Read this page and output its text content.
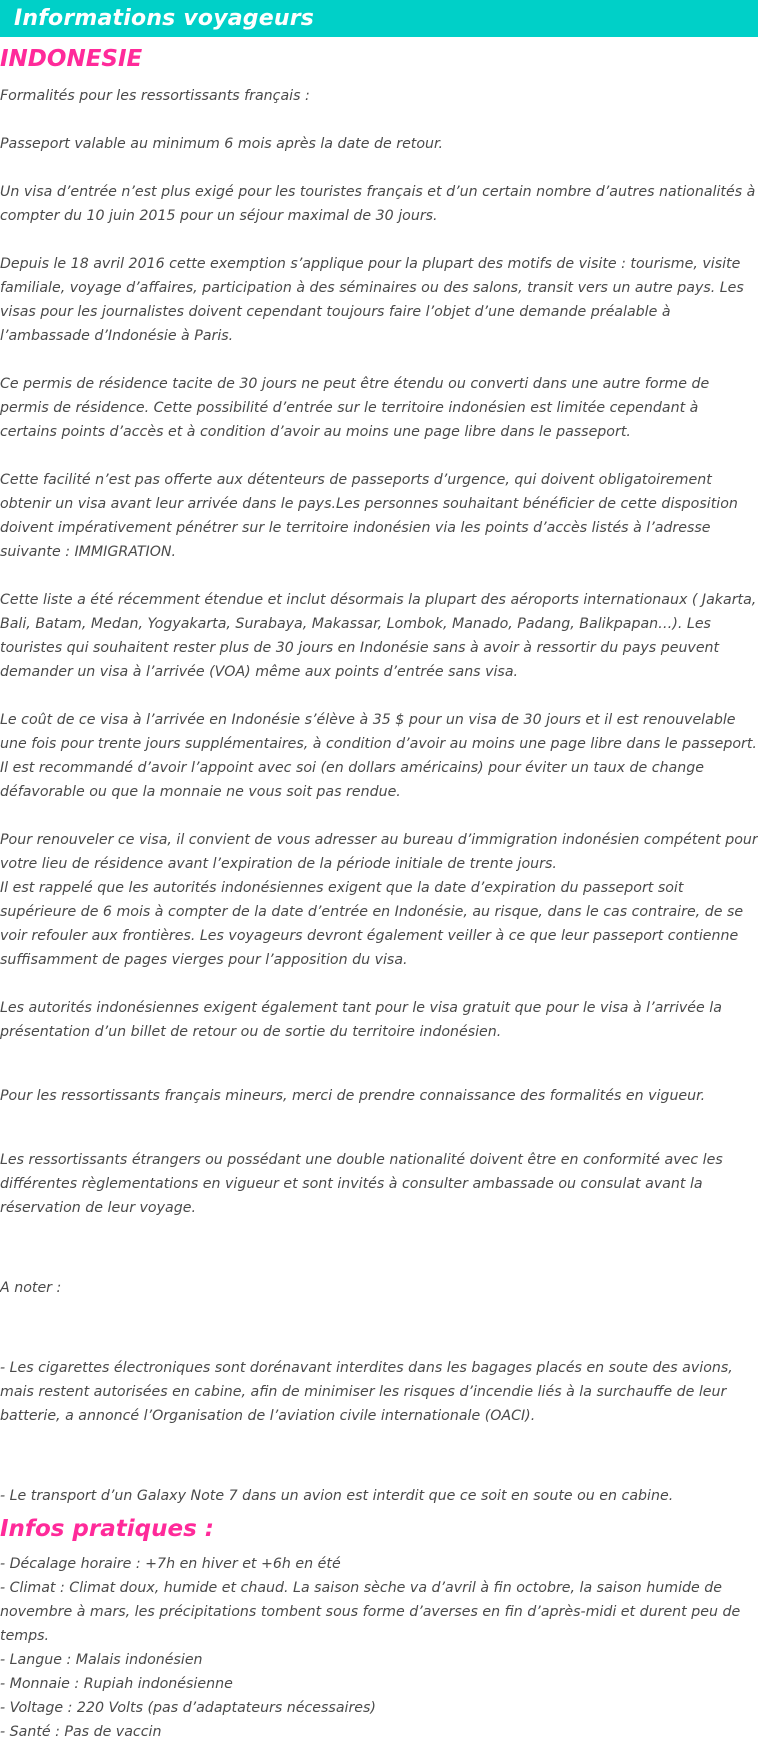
Informations voyageurs
INDONESIE

Formalités pour les ressortissants français :

Passeport valable au minimum 6 mois après la date de retour.

Un visa d’entrée n’est plus exigé pour les touristes français et d’un certain nombre d’autres nationalités à compter du 10 juin 2015 pour un séjour maximal de 30 jours.

Depuis le 18 avril 2016 cette exemption s’applique pour la plupart des motifs de visite : tourisme, visite familiale, voyage d’affaires, participation à des séminaires ou des salons, transit vers un autre pays. Les visas pour les journalistes doivent cependant toujours faire l’objet d’une demande préalable à l’ambassade d’Indonésie à Paris.

Ce permis de résidence tacite de 30 jours ne peut être étendu ou converti dans une autre forme de permis de résidence. Cette possibilité d’entrée sur le territoire indonésien est limitée cependant à certains points d’accès et à condition d’avoir au moins une page libre dans le passeport.

Cette facilité n’est pas offerte aux détenteurs de passeports d’urgence, qui doivent obligatoirement obtenir un visa avant leur arrivée dans le pays.Les personnes souhaitant bénéficier de cette disposition doivent impérativement pénétrer sur le territoire indonésien via les points d’accès listés à l’adresse suivante : IMMIGRATION.

Cette liste a été récemment étendue et inclut désormais la plupart des aéroports internationaux ( Jakarta, Bali, Batam, Medan, Yogyakarta, Surabaya, Makassar, Lombok, Manado, Padang, Balikpapan…). Les touristes qui souhaitent rester plus de 30 jours en Indonésie sans à avoir à ressortir du pays peuvent demander un visa à l’arrivée (VOA) même aux points d’entrée sans visa.

Le coût de ce visa à l’arrivée en Indonésie s’élève à 35 $ pour un visa de 30 jours et il est renouvelable une fois pour trente jours supplémentaires, à condition d’avoir au moins une page libre dans le passeport. Il est recommandé d’avoir l’appoint avec soi (en dollars américains) pour éviter un taux de change défavorable ou que la monnaie ne vous soit pas rendue.

Pour renouveler ce visa, il convient de vous adresser au bureau d’immigration indonésien compétent pour votre lieu de résidence avant l’expiration de la période initiale de trente jours.

Il est rappelé que les autorités indonésiennes exigent que la date d’expiration du passeport soit supérieure de 6 mois à compter de la date d’entrée en Indonésie, au risque, dans le cas contraire, de se voir refouler aux frontières. Les voyageurs devront également veiller à ce que leur passeport contienne suffisamment de pages vierges pour l’apposition du visa.

Les autorités indonésiennes exigent également tant pour le visa gratuit que pour le visa à l’arrivée la présentation d’un billet de retour ou de sortie du territoire indonésien.

Pour les ressortissants français mineurs, merci de prendre connaissance des formalités en vigueur.

Les ressortissants étrangers ou possédant une double nationalité doivent être en conformité avec les différentes règlementations en vigueur et sont invités à consulter ambassade ou consulat avant la réservation de leur voyage.

A noter :

- Les cigarettes électroniques sont dorénavant interdites dans les bagages placés en soute des avions, mais restent autorisées en cabine, afin de minimiser les risques d’incendie liés à la surchauffe de leur batterie, a annoncé l’Organisation de l’aviation civile internationale (OACI).

- Le transport d’un Galaxy Note 7 dans un avion est interdit que ce soit en soute ou en cabine.

Infos pratiques :

- Décalage horaire : +7h en hiver et +6h en été

- Climat : Climat doux, humide et chaud. La saison sèche va d’avril à fin octobre, la saison humide de novembre à mars, les précipitations tombent sous forme d’averses en fin d’après-midi et durent peu de temps.

- Langue : Malais indonésien

- Monnaie : Rupiah indonésienne

- Voltage : 220 Volts (pas d’adaptateurs nécessaires)

- Santé : Pas de vaccin
